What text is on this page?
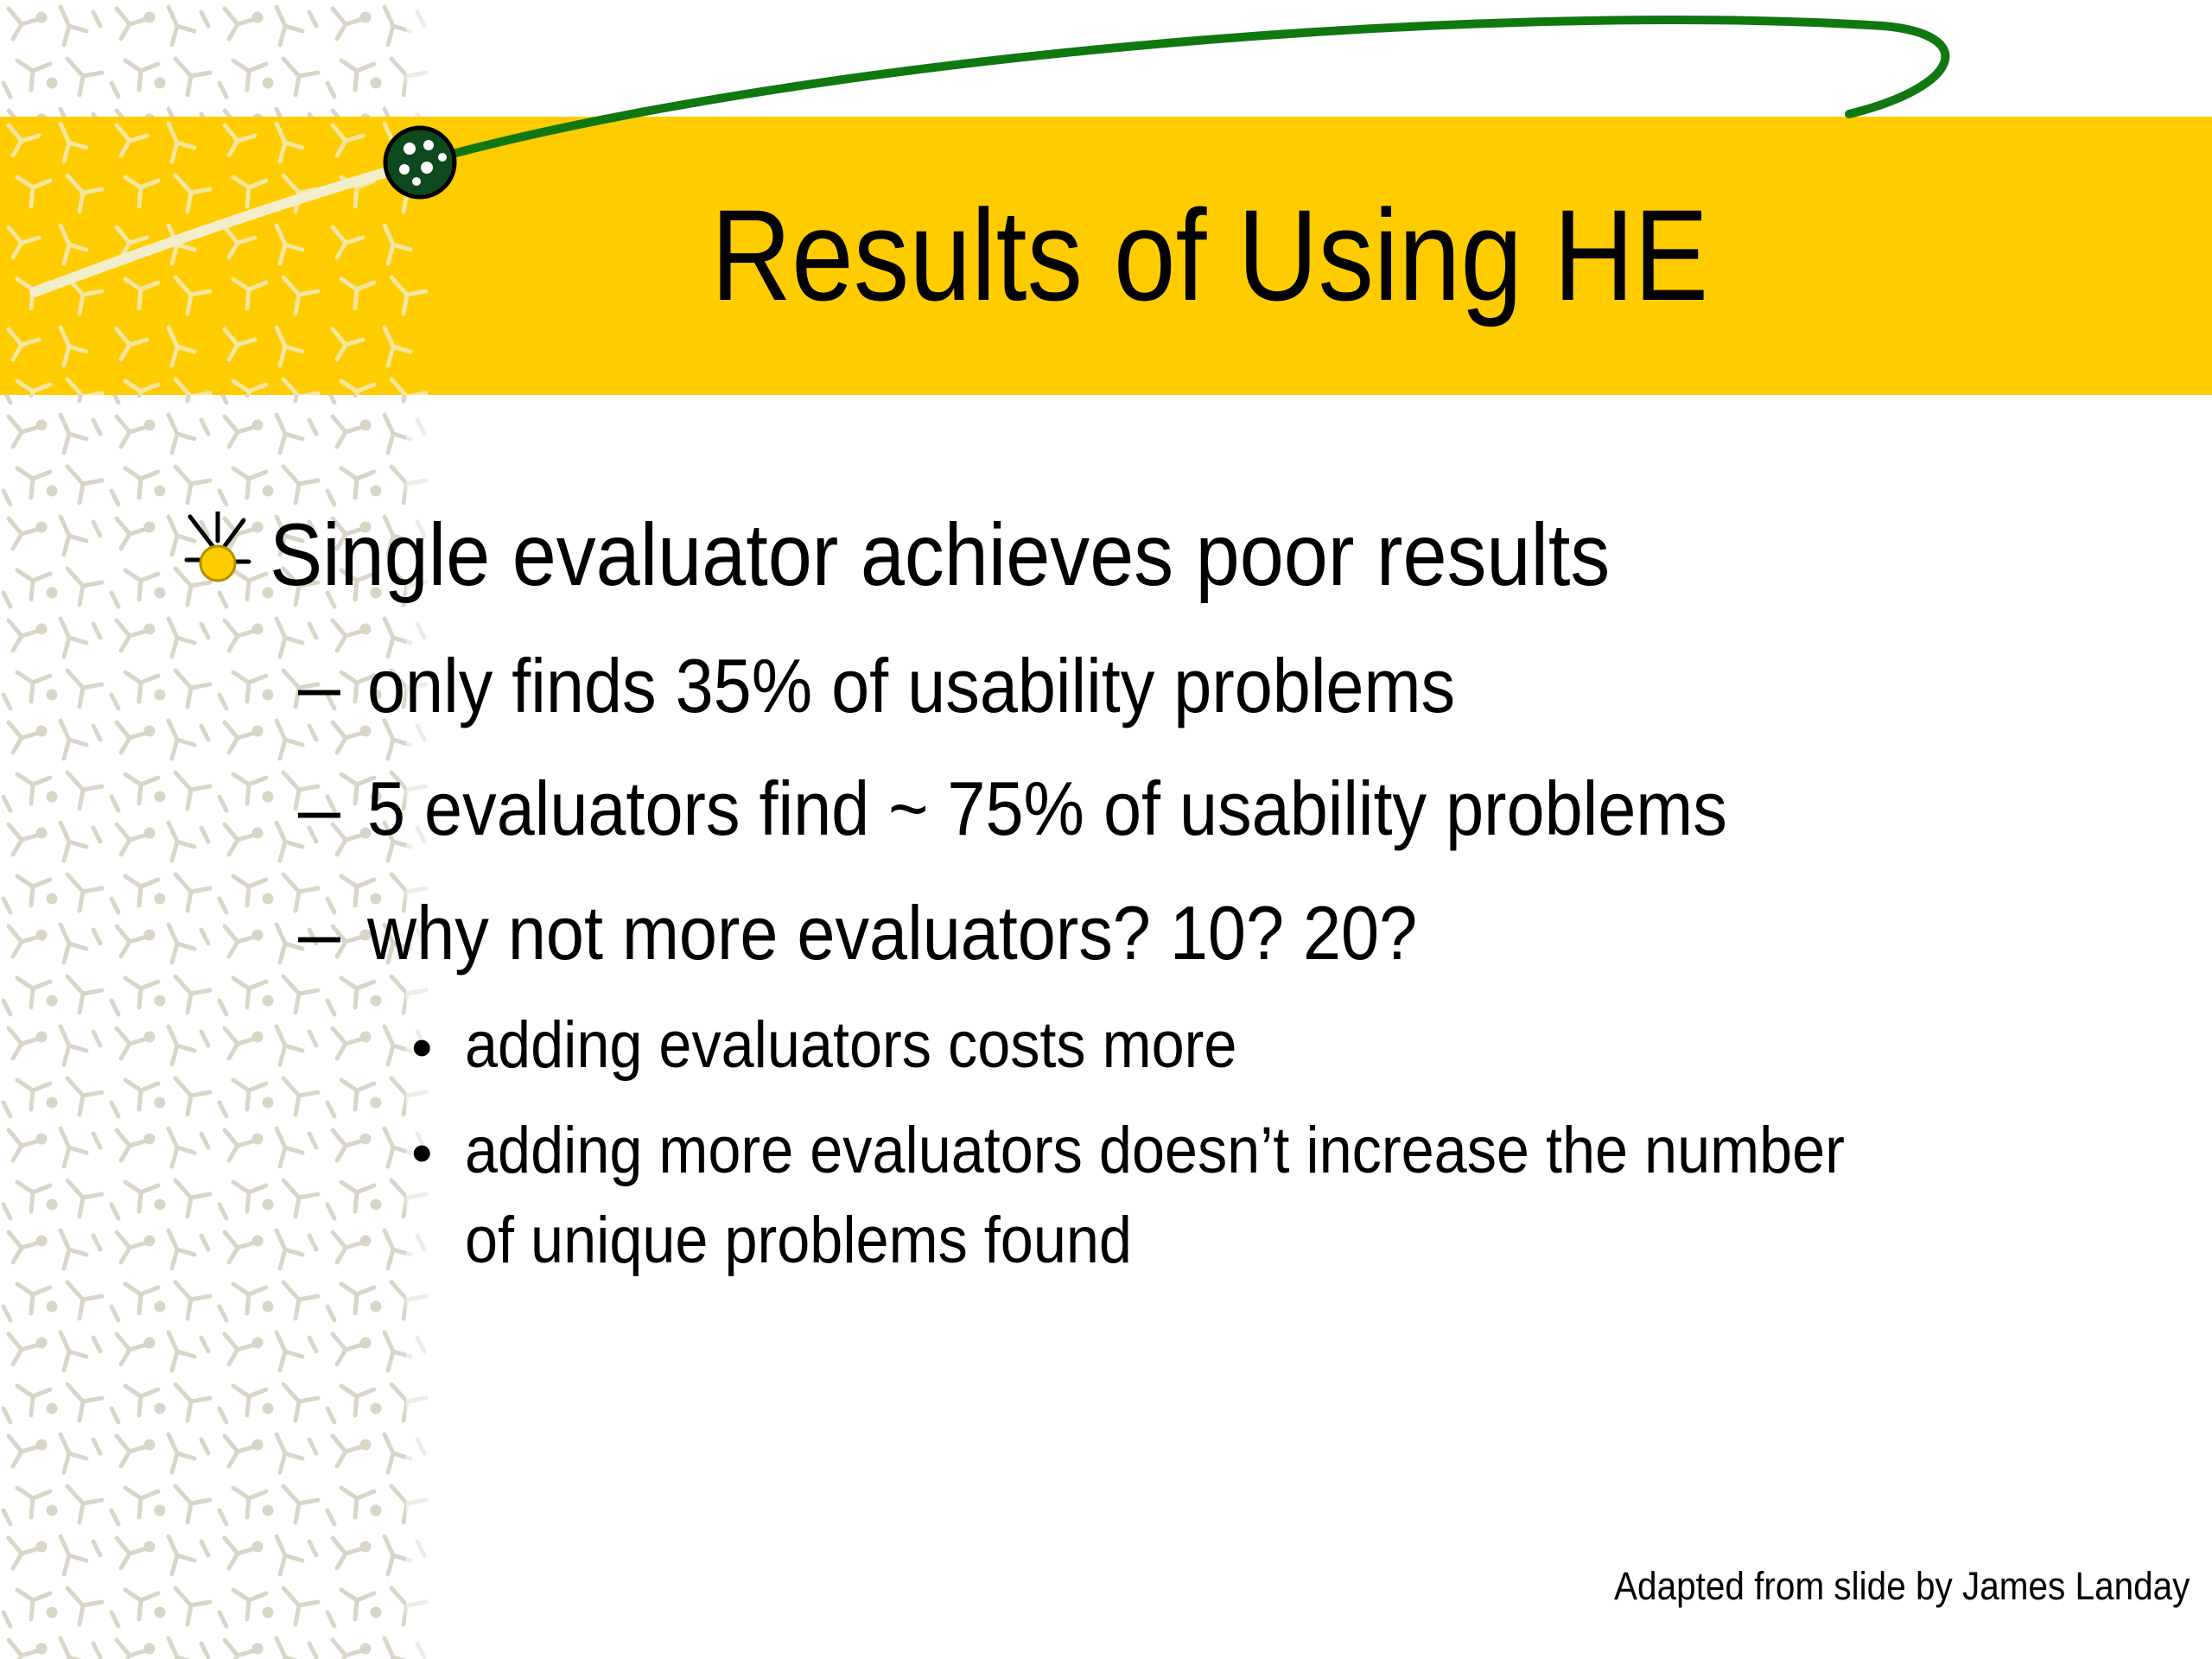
Results of Using HE
Single evaluator achieves poor results
– only finds 35% of usability problems
– 5 evaluators find ~ 75% of usability problems
– why not more evaluators? 10? 20?
• adding evaluators costs more
• adding more evaluators doesn’t increase the number of unique problems found
Adapted from slide by James Landay
